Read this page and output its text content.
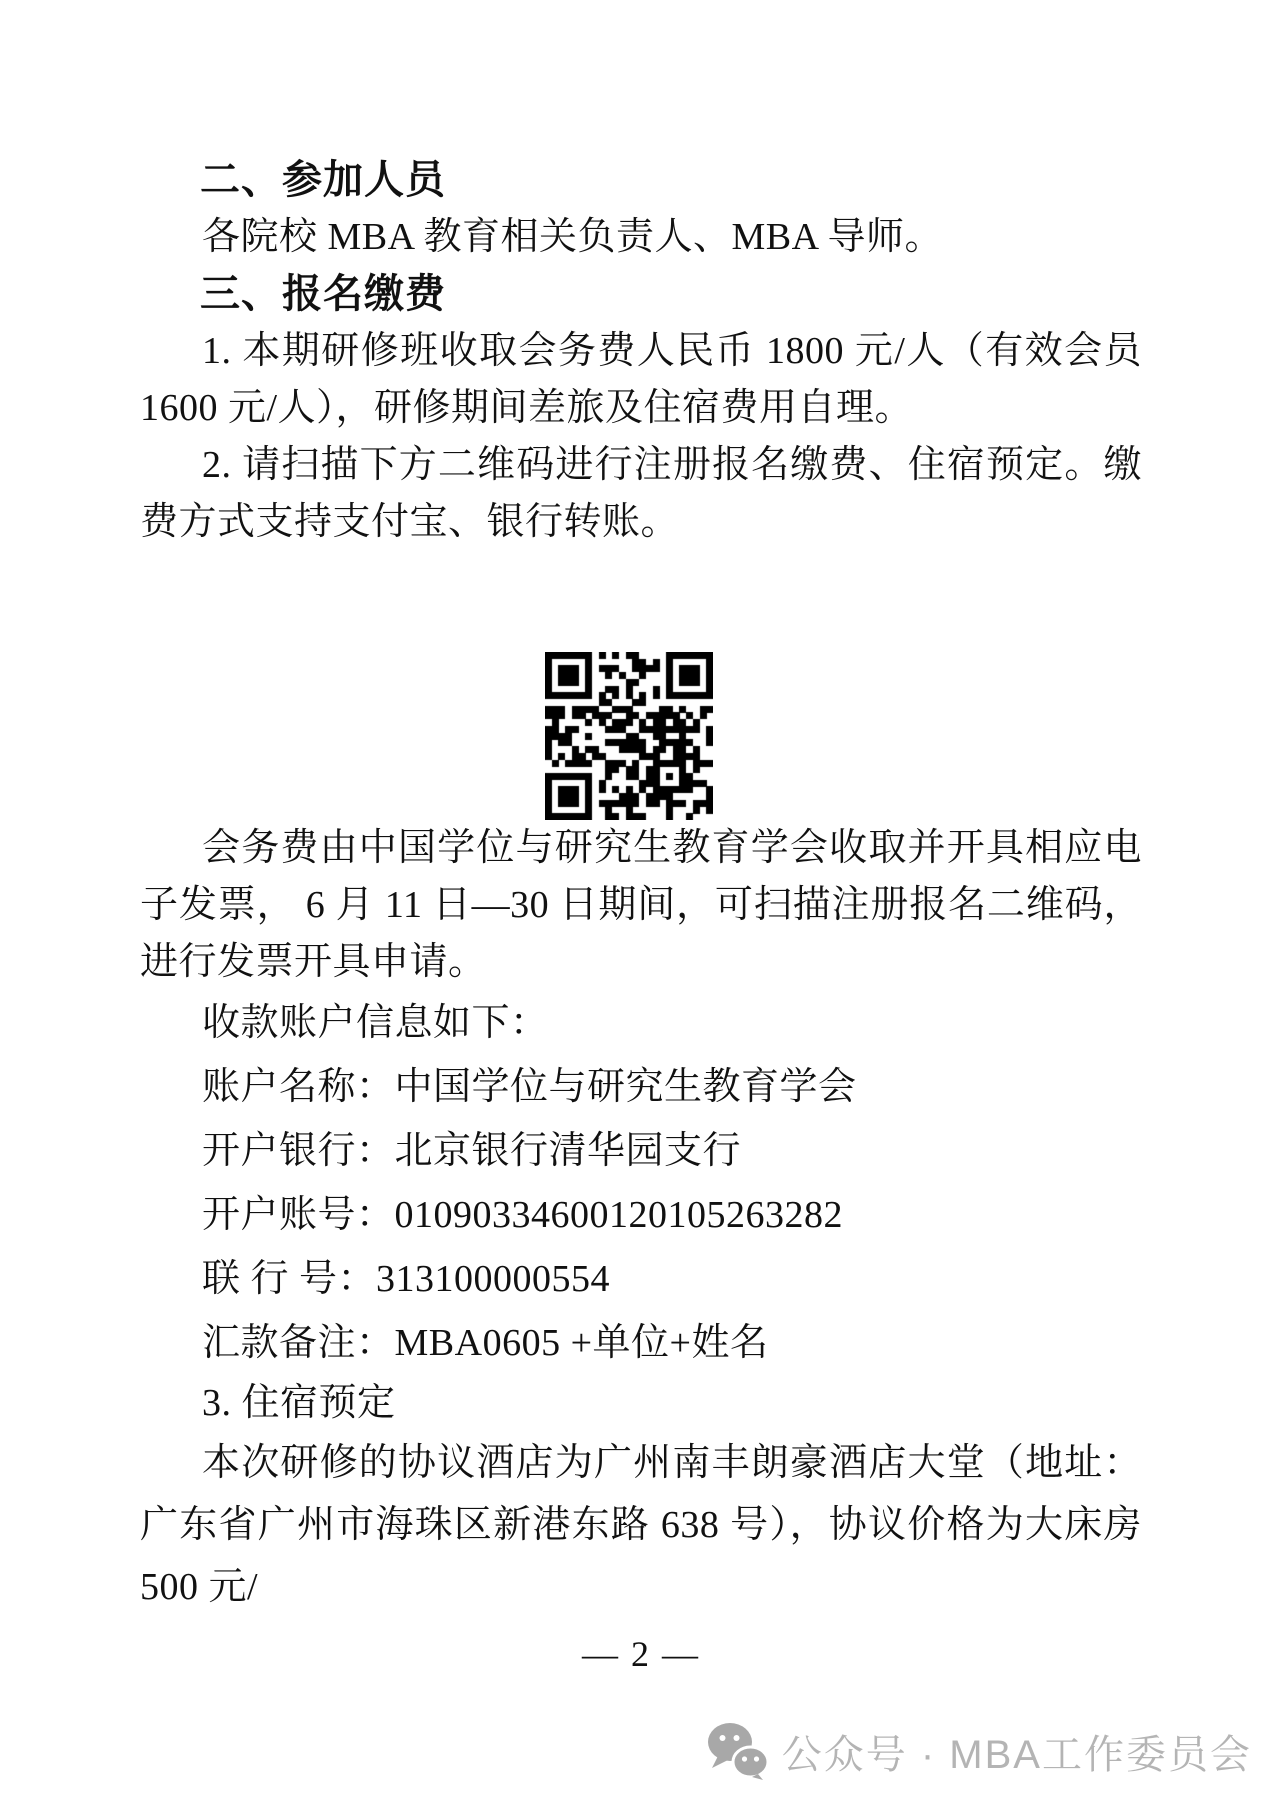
二、参加人员

各院校 MBA 教育相关负责人、MBA 导师。

三、报名缴费

1. 本期研修班收取会务费人民币 1800 元/人（有效会员 1600 元/人），研修期间差旅及住宿费用自理。

2. 请扫描下方二维码进行注册报名缴费、住宿预定。缴费方式支持支付宝、银行转账。

会务费由中国学位与研究生教育学会收取并开具相应电子发票， 6 月 11 日—30 日期间，可扫描注册报名二维码，进行发票开具申请。

收款账户信息如下：

账户名称：中国学位与研究生教育学会

开户银行：北京银行清华园支行

开户账号：01090334600120105263282

联 行 号：313100000554

汇款备注：MBA0605 +单位+姓名

3. 住宿预定

本次研修的协议酒店为广州南丰朗豪酒店大堂（地址：广东省广州市海珠区新港东路 638 号），协议价格为大床房 500 元/

— 2 —

公众号 · MBA工作委员会
